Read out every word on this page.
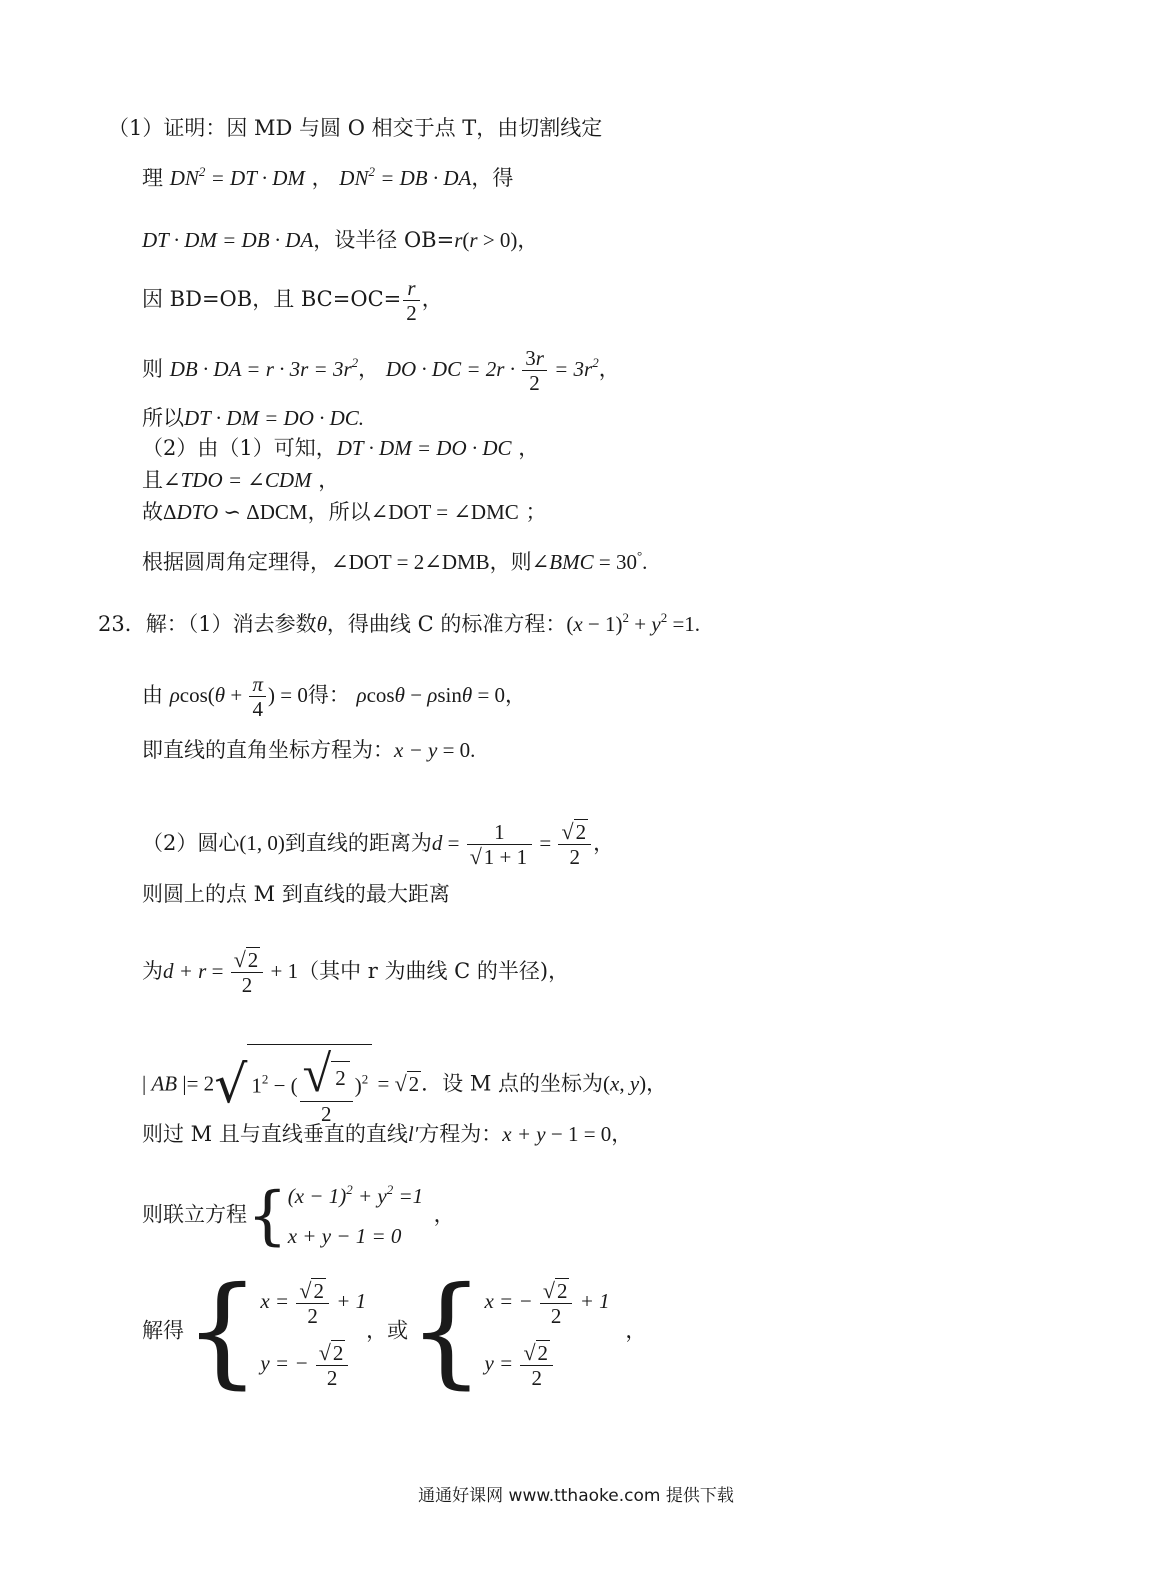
（1）证明：因 MD 与圆 O 相交于点 T，由切割线定
理 $DN^2$ = DT · DM ， $DN^2$ = DB · DA，得
DT · DM = DB · DA，设半径 OB=r(r > 0)，
因 BD=OB，且 $BC=OC= \frac{r}{2}$ ，
则 DB · DA = $r \cdot 3r = 3r^2$， DO · DC = $2r \cdot \frac{3r}{2} = 3r^2$，
所以DT · DM = DO · DC.
（2）由（1）可知，DT · DM = DO · DC ，
且∠TDO = ∠CDM ，
故ΔDTO ∽ ΔDCM，所以∠DOT = ∠DMC ；
根据圆周角定理得，∠DOT = 2∠DMB，则∠BMC = 30°.
23．解：（1）消去参数θ，得曲线 C 的标准方程：$(x - 1)^2 + y^2 =1$.
由 $\rho\cos(\theta + \frac{\pi}{4}$ ) = 0得： ρcosθ − ρsinθ = 0，
即直线的直角坐标方程为：x − y = 0.
（2）圆心(1, 0)到直线的距离为$d = \frac{1}{√1 + 1} = \frac{√2}{2}$ ，
则圆上的点 M 到直线的最大距离
为$d + r = \frac{√2}{2} + 1$（其中 r 为曲线 C 的半径)，
| AB |= 2√ $1^2$ − ( $\frac{√ 2}{2} )^2 = √2$．设 M 点的坐标为(x, y)，
则过 M 且与直线垂直的直线l′方程为：x + y − 1 = 0，
则联立方程{ $(x - 1)^2 + y^2 =1$
x + y − 1 = 0
，
解得{ $x = \frac{√2}{2} + 1$
y = − $\frac{√2}{2}$
，或{ x = − $\frac{√2}{2} + 1$
$y = \frac{√2}{2}$
，
通通好课网 www.tthaoke.com 提供下载
